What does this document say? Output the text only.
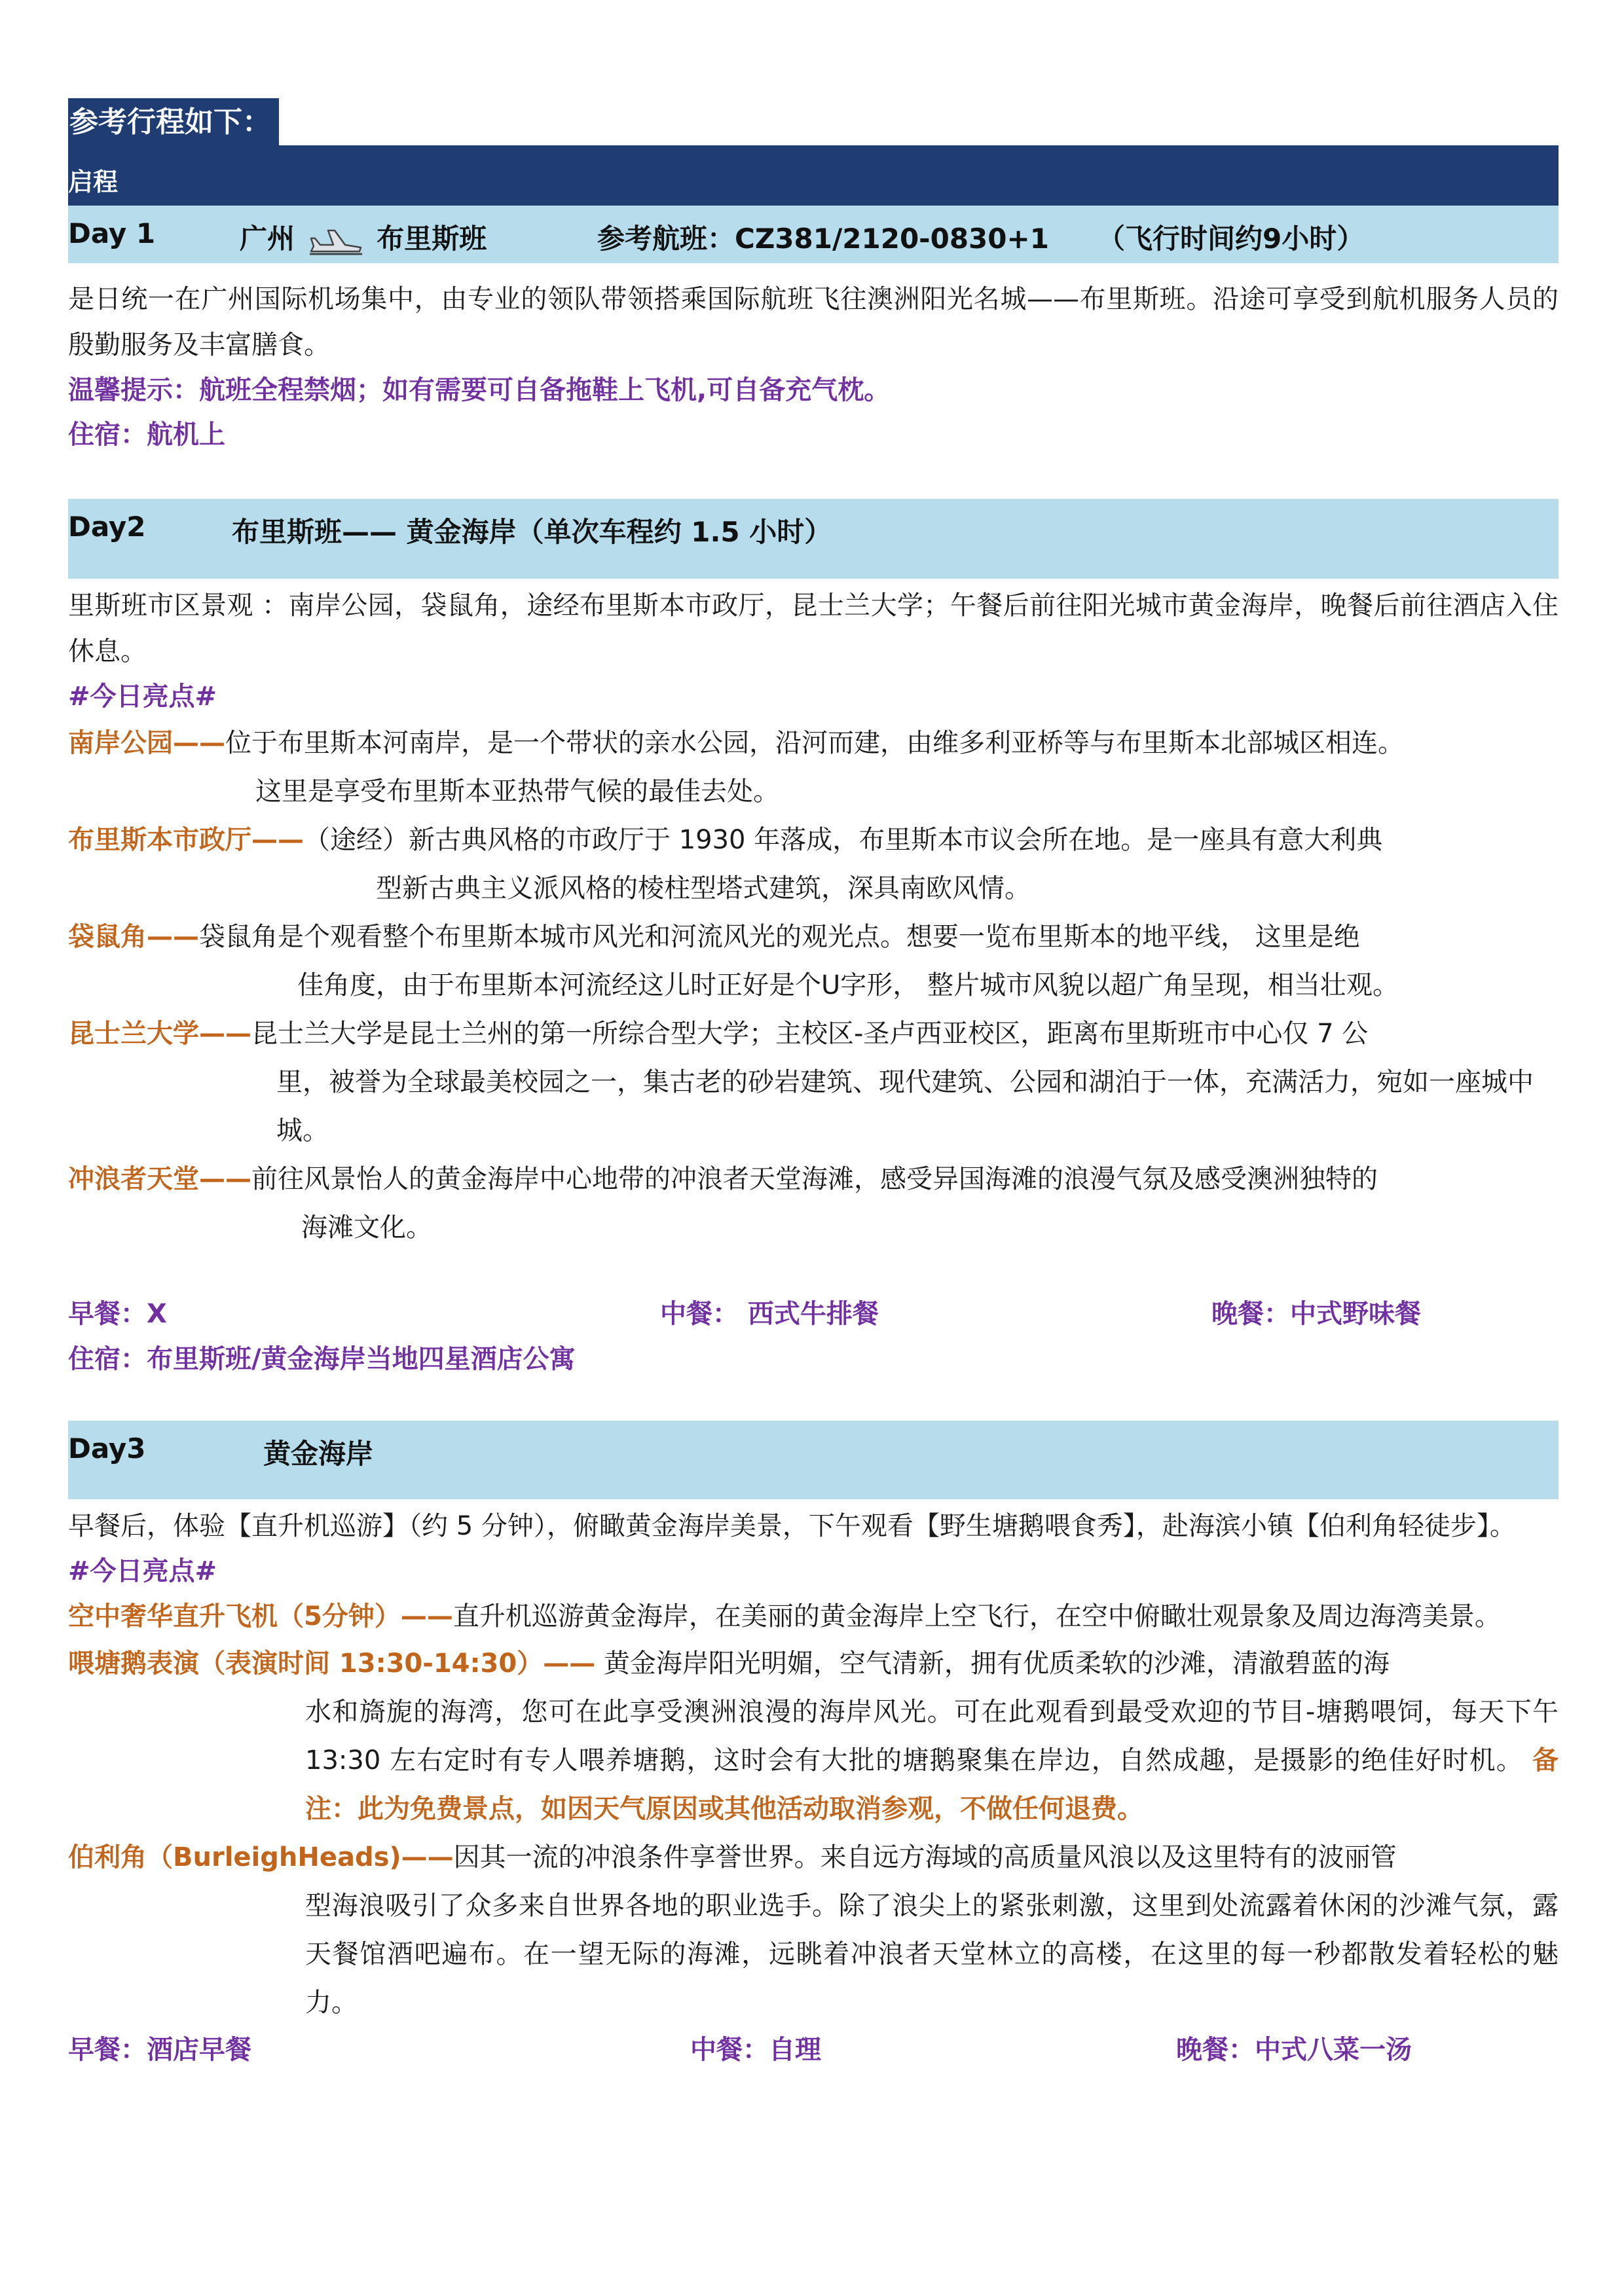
参考行程如下：
启程
Day 1	广州	布里斯班	参考航班：CZ381/2120-0830+1 （飞行时间约9小时）
是日统一在广州国际机场集中，由专业的领队带领搭乘国际航班飞往澳洲阳光名城——布里斯班。沿途可享受到航机服务人员的殷勤服务及丰富膳食。
温馨提示：航班全程禁烟；如有需要可自备拖鞋上飞机,可自备充气枕。
住宿：航机上
Day2	布里斯班—— 黄金海岸（单次车程约 1.5 小时）
里斯班市区景观 ：南岸公园，袋鼠角，途经布里斯本市政厅，昆士兰大学；午餐后前往阳光城市黄金海岸，晚餐后前往酒店入住休息。
#今日亮点#
南岸公园——位于布里斯本河南岸，是一个带状的亲水公园，沿河而建，由维多利亚桥等与布里斯本北部城区相连。
这里是享受布里斯本亚热带气候的最佳去处。
布里斯本市政厅——（途经）新古典风格的市政厅于 1930 年落成，布里斯本市议会所在地。是一座具有意大利典
型新古典主义派风格的棱柱型塔式建筑，深具南欧风情。
袋鼠角——袋鼠角是个观看整个布里斯本城市风光和河流风光的观光点。想要一览布里斯本的地平线， 这里是绝
佳角度，由于布里斯本河流经这儿时正好是个U字形， 整片城市风貌以超广角呈现，相当壮观。
昆士兰大学——昆士兰大学是昆士兰州的第一所综合型大学；主校区-圣卢西亚校区，距离布里斯班市中心仅 7 公
里，被誉为全球最美校园之一，集古老的砂岩建筑、现代建筑、公园和湖泊于一体，充满活力，宛如一座城中城。
冲浪者天堂——前往风景怡人的黄金海岸中心地带的冲浪者天堂海滩，感受异国海滩的浪漫气氛及感受澳洲独特的
海滩文化。
早餐：X	中餐： 西式牛排餐	晚餐：中式野味餐
住宿：布里斯班/黄金海岸当地四星酒店公寓
Day3	黄金海岸
早餐后，体验【直升机巡游】（约 5 分钟），俯瞰黄金海岸美景，下午观看【野生塘鹅喂食秀】，赴海滨小镇【伯利角轻徒步】。
#今日亮点#
空中奢华直升飞机（5分钟）——直升机巡游黄金海岸，在美丽的黄金海岸上空飞行，在空中俯瞰壮观景象及周边海湾美景。
喂塘鹅表演（表演时间 13:30-14:30）—— 黄金海岸阳光明媚，空气清新，拥有优质柔软的沙滩，清澈碧蓝的海
水和旖旎的海湾，您可在此享受澳洲浪漫的海岸风光。可在此观看到最受欢迎的节目-塘鹅喂饲，每天下午 13:30 左右定时有专人喂养塘鹅，这时会有大批的塘鹅聚集在岸边，自然成趣，是摄影的绝佳好时机。 备注：此为免费景点，如因天气原因或其他活动取消参观，不做任何退费。
伯利角（BurleighHeads)——因其一流的冲浪条件享誉世界。来自远方海域的高质量风浪以及这里特有的波丽管
型海浪吸引了众多来自世界各地的职业选手。除了浪尖上的紧张刺激，这里到处流露着休闲的沙滩气氛，露天餐馆酒吧遍布。在一望无际的海滩，远眺着冲浪者天堂林立的高楼，在这里的每一秒都散发着轻松的魅力。
早餐：酒店早餐	中餐：自理	晚餐：中式八菜一汤
